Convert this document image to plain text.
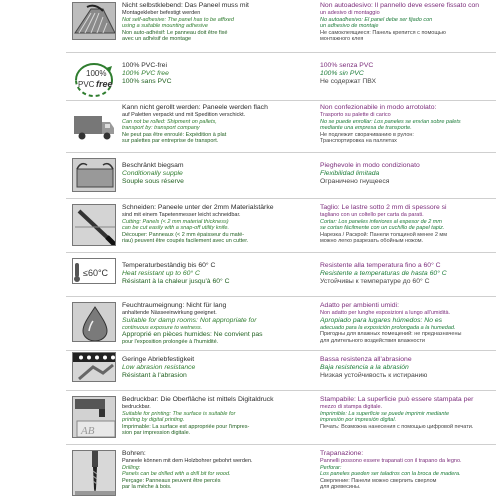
Nicht selbstklebend: Das Paneel muss mit
Montagekleber befestigt werden
Not self-adhesive: The panel has to be affixed
using a suitable mounting adhesive
Non auto-adhésif: Le panneau doit être fixé
avec un adhésif de montage
Non autoadesivo: Il pannello deve essere fissato con
un adesivo di montaggio
No autoadhesivo: El panel debe ser fijado con
un adhesivo de montaje
Не самоклеящиеся: Панель крепится с помощью
монтажного клея
100%
PVC free
100% PVC-frei
100% PVC free
100% sans PVC
100% senza PVC
100% sin PVC
Не содержат ПВХ
Kann nicht gerollt werden: Paneele werden flach
auf Paletten verpackt und mit Spedition verschickt.
Can not be rolled: Shipment on pallets,
transport by: transport company
Ne peut pas être enroulé: Expédition à plat
sur palettes par entreprise de transport.
Non confezionabile in modo arrotolato:
Trasporto su palette di carico
No se puede enrollar: Los paneles se envían sobre palets
mediante una empresa de transporte.
Не подлежит сворачиванию в рулон:
Транспортировка на паллетах
Beschränkt biegsam
Conditionally supple
Souple sous réserve
Pieghevole in modo condizionato
Flexibilidad limitada
Ограничено гнущееся
Schneiden: Paneele unter der 2mm Materialstärke
sind mit einem Tapetenmesser leicht schneidbar.
Cutting: Panels (< 2 mm material thickness)
can be cut easily with a snap-off utility knife.
Découper: Panneaux (< 2 mm épaisseur du maté-
riau) peuvent être coupés facilement avec un cutter.
Taglio: Le lastre sotto 2 mm di spessore si
tagliano con un coltello per carta da parati.
Cortar: Los paneles inferiores al espesor de 2 mm
se cortan fácilmente con un cuchillo de papel tapiz.
Нарезка / Раскрой: Панели толщиной менее 2 мм
можно легко разрезать обойным ножом.
≤60°C
Temperaturbeständig bis 60° C
Heat resistant up to 60° C
Résistant à la chaleur jusqu'à 60° C
Resistente alla temperatura fino a 60° C
Resistente a temperaturas de hasta 60° C
Устойчивы к температуре до 60° C
Feuchtraumeignung: Nicht für lang
anhaltende Nässeeinwirkung geeignet.
Suitable for damp rooms: Not appropriate for
continuous exposure to wetness.
Approprié en pièces humides: Ne convient pas
pour l'exposition prolongée à l'humidité.
Adatto per ambienti umidi:
Non adatto per lunghe esposizioni a lungo all'umidità.
Apropiado para lugares húmedos: No es
adecuado para la exposición prolongada a la humedad.
Пригодны для влажных помещений: не предназначены
для длительного воздействия влажности
Geringe Abriebfestigkeit
Low abrasion resistance
Résistant à l'abrasion
Bassa resistenza all'abrasione
Baja resistencia a la abrasión
Низкая устойчивость к истиранию
AB
Bedruckbar: Die Oberfläche ist mittels Digitaldruck
bedruckbar.
Suitable for printing: The surface is suitable for
printing by digital printing.
Imprimable: La surface est appropriée pour l'impres-
sion par impression digitale.
Stampabile: La superficie può essere stampata per
mezzo di stampa digitale.
Imprimible: La superficie se puede imprimir mediante
impresión por impresión digital.
Печать: Возможна нанесения с помощью цифровой печати.
Bohren:
Paneele können mit dem Holzbohrer gebohrt werden.
Drilling:
Panels can be drilled with a drill bit for wood.
Perçage: Panneaux peuvent être percés
par la mèche à bois.
Trapanazione:
Pannelli possono essere trapanati con il trapano da legno.
Perforar:
Los paneles pueden ser taladros con la broca de madera.
Сверление: Панели можно сверлить сверлом
для древесины.
